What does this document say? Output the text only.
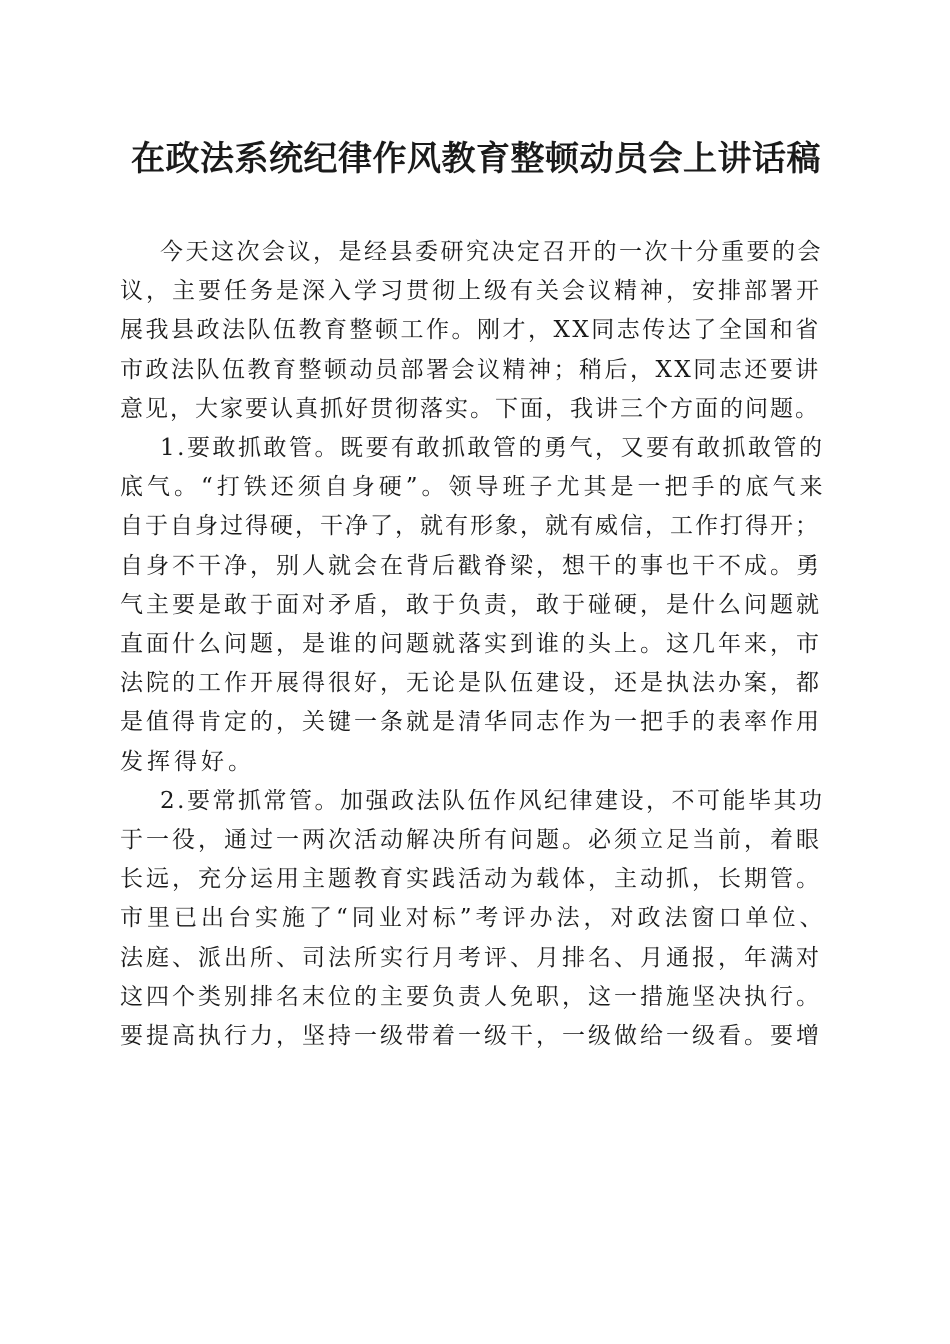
在政法系统纪律作风教育整顿动员会上讲话稿

今天这次会议，是经县委研究决定召开的一次十分重要的会
议，主要任务是深入学习贯彻上级有关会议精神，安排部署开
展我县政法队伍教育整顿工作。刚才，XX同志传达了全国和省
市政法队伍教育整顿动员部署会议精神；稍后，XX同志还要讲
意见，大家要认真抓好贯彻落实。下面，我讲三个方面的问题。

1.要敢抓敢管。既要有敢抓敢管的勇气，又要有敢抓敢管的
底气。“打铁还须自身硬”。领导班子尤其是一把手的底气来
自于自身过得硬，干净了，就有形象，就有威信，工作打得开；
自身不干净，别人就会在背后戳脊梁，想干的事也干不成。勇
气主要是敢于面对矛盾，敢于负责，敢于碰硬，是什么问题就
直面什么问题，是谁的问题就落实到谁的头上。这几年来，市
法院的工作开展得很好，无论是队伍建设，还是执法办案，都
是值得肯定的，关键一条就是清华同志作为一把手的表率作用
发挥得好。

2.要常抓常管。加强政法队伍作风纪律建设，不可能毕其功
于一役，通过一两次活动解决所有问题。必须立足当前，着眼
长远，充分运用主题教育实践活动为载体，主动抓，长期管。
市里已出台实施了“同业对标”考评办法，对政法窗口单位、
法庭、派出所、司法所实行月考评、月排名、月通报，年满对
这四个类别排名末位的主要负责人免职，这一措施坚决执行。
要提高执行力，坚持一级带着一级干，一级做给一级看。要增
